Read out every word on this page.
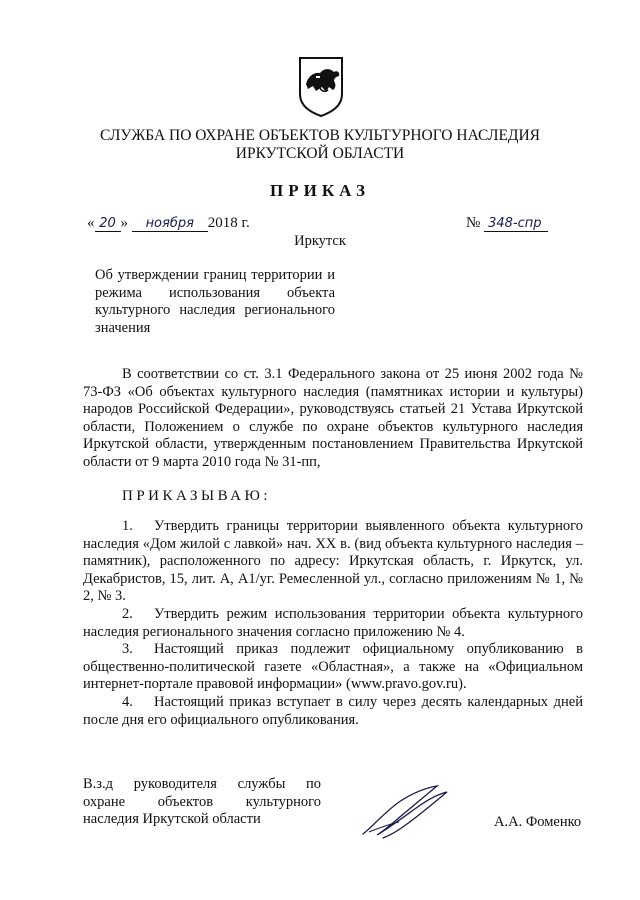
СЛУЖБА ПО ОХРАНЕ ОБЪЕКТОВ КУЛЬТУРНОГО НАСЛЕДИЯ
ИРКУТСКОЙ ОБЛАСТИ
ПРИКАЗ
« 20 » ноября 2018 г.	№ 348-спр
Иркутск
Об утверждении границ территории и режима использования объекта культурного наследия регионального значения

В соответствии со ст. 3.1 Федерального закона от 25 июня 2002 года № 73-ФЗ «Об объектах культурного наследия (памятниках истории и культуры) народов Российской Федерации», руководствуясь статьей 21 Устава Иркутской области, Положением о службе по охране объектов культурного наследия Иркутской области, утвержденным постановлением Правительства Иркутской области от 9 марта 2010 года № 31-пп,

ПРИКАЗЫВАЮ:

1. Утвердить границы территории выявленного объекта культурного наследия «Дом жилой с лавкой» нач. XX в. (вид объекта культурного наследия – памятник), расположенного по адресу: Иркутская область, г. Иркутск, ул. Декабристов, 15, лит. А, А1/уг. Ремесленной ул., согласно приложениям № 1, № 2, № 3.

2. Утвердить режим использования территории объекта культурного наследия регионального значения согласно приложению № 4.

3. Настоящий приказ подлежит официальному опубликованию в общественно-политической газете «Областная», а также на «Официальном интернет-портале правовой информации» (www.pravo.gov.ru).

4. Настоящий приказ вступает в силу через десять календарных дней после дня его официального опубликования.

В.з.д руководителя службы по
охране объектов культурного
наследия Иркутской области	А.А. Фоменко
